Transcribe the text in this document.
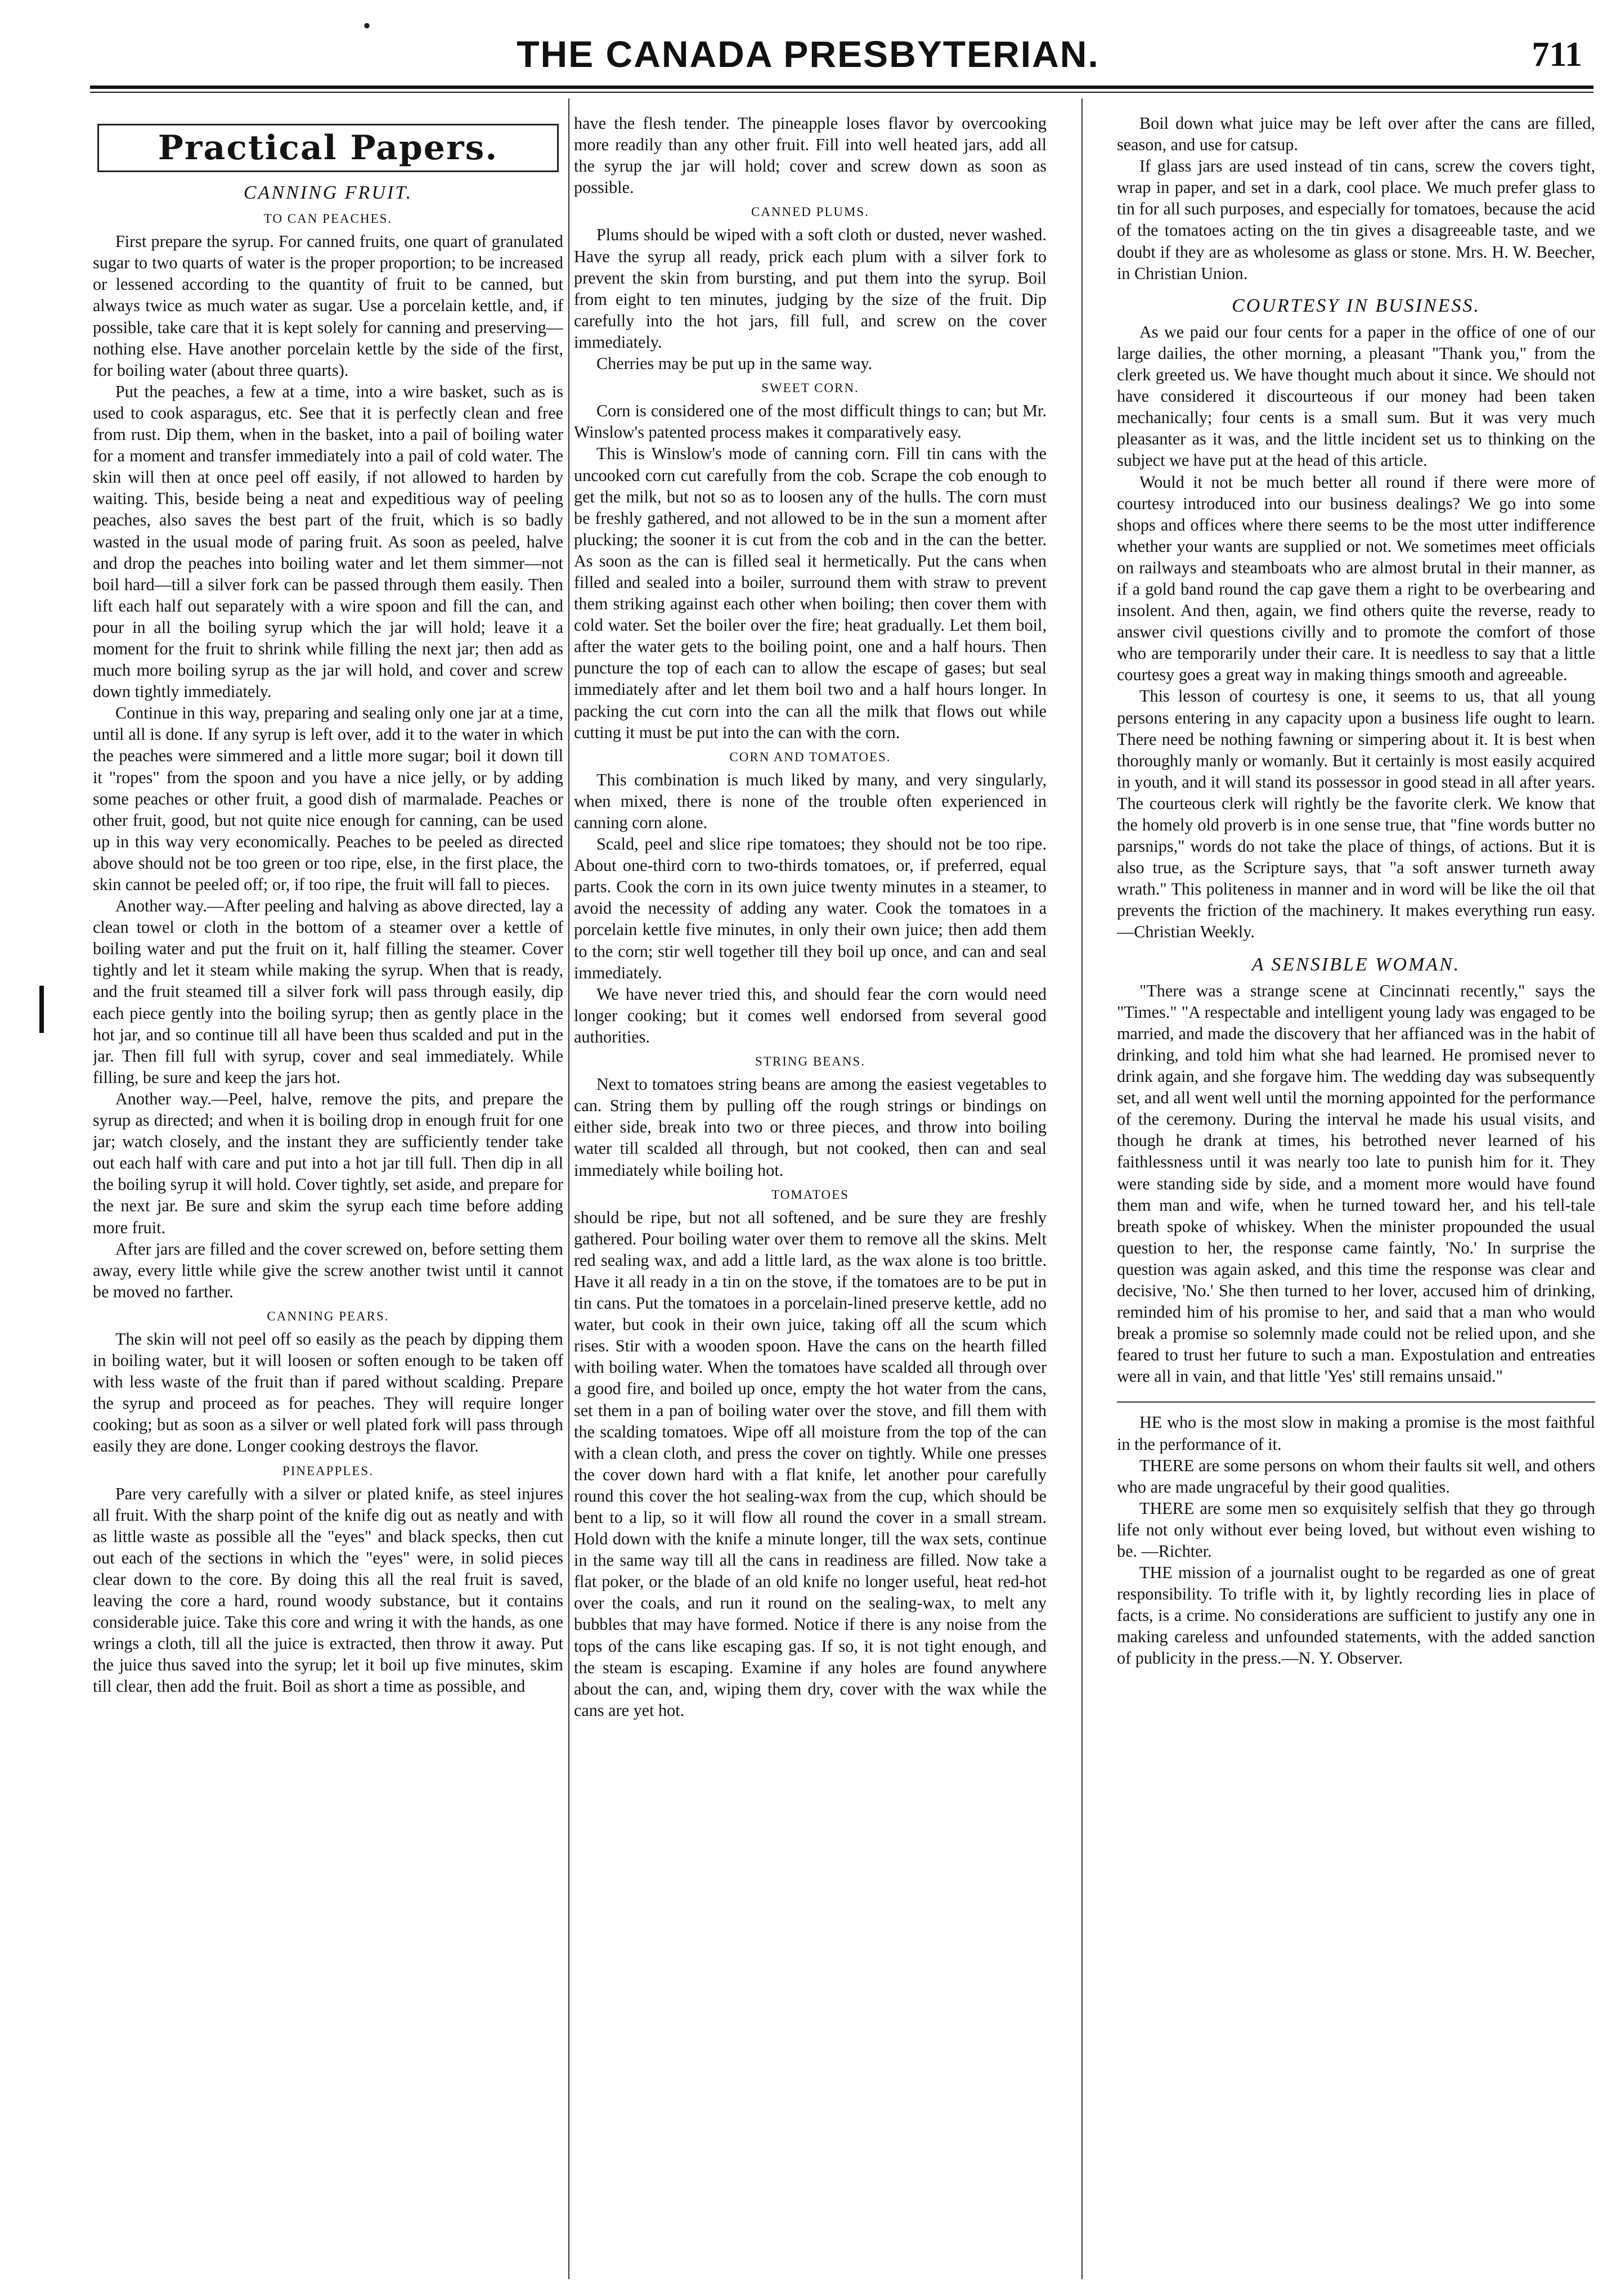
•
THE CANADA PRESBYTERIAN.	711
Practical Papers.
CANNING FRUIT.
TO CAN PEACHES.

First prepare the syrup. For canned fruits, one quart of granulated sugar to two quarts of water is the proper proportion; to be increased or lessened according to the quantity of fruit to be canned, but always twice as much water as sugar. Use a porcelain kettle, and, if possible, take care that it is kept solely for canning and preserving—nothing else. Have another porcelain kettle by the side of the first, for boiling water (about three quarts).

Put the peaches, a few at a time, into a wire basket, such as is used to cook asparagus, etc. See that it is perfectly clean and free from rust. Dip them, when in the basket, into a pail of boiling water for a moment and transfer immediately into a pail of cold water. The skin will then at once peel off easily, if not allowed to harden by waiting. This, beside being a neat and expeditious way of peeling peaches, also saves the best part of the fruit, which is so badly wasted in the usual mode of paring fruit. As soon as peeled, halve and drop the peaches into boiling water and let them simmer—not boil hard—till a silver fork can be passed through them easily. Then lift each half out separately with a wire spoon and fill the can, and pour in all the boiling syrup which the jar will hold; leave it a moment for the fruit to shrink while filling the next jar; then add as much more boiling syrup as the jar will hold, and cover and screw down tightly immediately.

Continue in this way, preparing and sealing only one jar at a time, until all is done. If any syrup is left over, add it to the water in which the peaches were simmered and a little more sugar; boil it down till it "ropes" from the spoon and you have a nice jelly, or by adding some peaches or other fruit, a good dish of marmalade. Peaches or other fruit, good, but not quite nice enough for canning, can be used up in this way very economically. Peaches to be peeled as directed above should not be too green or too ripe, else, in the first place, the skin cannot be peeled off; or, if too ripe, the fruit will fall to pieces.

Another way.—After peeling and halving as above directed, lay a clean towel or cloth in the bottom of a steamer over a kettle of boiling water and put the fruit on it, half filling the steamer. Cover tightly and let it steam while making the syrup. When that is ready, and the fruit steamed till a silver fork will pass through easily, dip each piece gently into the boiling syrup; then as gently place in the hot jar, and so continue till all have been thus scalded and put in the jar. Then fill full with syrup, cover and seal immediately. While filling, be sure and keep the jars hot.

Another way.—Peel, halve, remove the pits, and prepare the syrup as directed; and when it is boiling drop in enough fruit for one jar; watch closely, and the instant they are sufficiently tender take out each half with care and put into a hot jar till full. Then dip in all the boiling syrup it will hold. Cover tightly, set aside, and prepare for the next jar. Be sure and skim the syrup each time before adding more fruit.

After jars are filled and the cover screwed on, before setting them away, every little while give the screw another twist until it cannot be moved no farther.

CANNING PEARS.

The skin will not peel off so easily as the peach by dipping them in boiling water, but it will loosen or soften enough to be taken off with less waste of the fruit than if pared without scalding. Prepare the syrup and proceed as for peaches. They will require longer cooking; but as soon as a silver or well plated fork will pass through easily they are done. Longer cooking destroys the flavor.

PINEAPPLES.

Pare very carefully with a silver or plated knife, as steel injures all fruit. With the sharp point of the knife dig out as neatly and with as little waste as possible all the "eyes" and black specks, then cut out each of the sections in which the "eyes" were, in solid pieces clear down to the core. By doing this all the real fruit is saved, leaving the core a hard, round woody substance, but it contains considerable juice. Take this core and wring it with the hands, as one wrings a cloth, till all the juice is extracted, then throw it away. Put the juice thus saved into the syrup; let it boil up five minutes, skim till clear, then add the fruit. Boil as short a time as possible, and

have the flesh tender. The pineapple loses flavor by overcooking more readily than any other fruit. Fill into well heated jars, add all the syrup the jar will hold; cover and screw down as soon as possible.

CANNED PLUMS.

Plums should be wiped with a soft cloth or dusted, never washed. Have the syrup all ready, prick each plum with a silver fork to prevent the skin from bursting, and put them into the syrup. Boil from eight to ten minutes, judging by the size of the fruit. Dip carefully into the hot jars, fill full, and screw on the cover immediately.

Cherries may be put up in the same way.

SWEET CORN.

Corn is considered one of the most difficult things to can; but Mr. Winslow's patented process makes it comparatively easy.

This is Winslow's mode of canning corn. Fill tin cans with the uncooked corn cut carefully from the cob. Scrape the cob enough to get the milk, but not so as to loosen any of the hulls. The corn must be freshly gathered, and not allowed to be in the sun a moment after plucking; the sooner it is cut from the cob and in the can the better. As soon as the can is filled seal it hermetically. Put the cans when filled and sealed into a boiler, surround them with straw to prevent them striking against each other when boiling; then cover them with cold water. Set the boiler over the fire; heat gradually. Let them boil, after the water gets to the boiling point, one and a half hours. Then puncture the top of each can to allow the escape of gases; but seal immediately after and let them boil two and a half hours longer. In packing the cut corn into the can all the milk that flows out while cutting it must be put into the can with the corn.

CORN AND TOMATOES.

This combination is much liked by many, and very singularly, when mixed, there is none of the trouble often experienced in canning corn alone.

Scald, peel and slice ripe tomatoes; they should not be too ripe. About one-third corn to two-thirds tomatoes, or, if preferred, equal parts. Cook the corn in its own juice twenty minutes in a steamer, to avoid the necessity of adding any water. Cook the tomatoes in a porcelain kettle five minutes, in only their own juice; then add them to the corn; stir well together till they boil up once, and can and seal immediately.

We have never tried this, and should fear the corn would need longer cooking; but it comes well endorsed from several good authorities.

STRING BEANS.

Next to tomatoes string beans are among the easiest vegetables to can. String them by pulling off the rough strings or bindings on either side, break into two or three pieces, and throw into boiling water till scalded all through, but not cooked, then can and seal immediately while boiling hot.

TOMATOES

should be ripe, but not all softened, and be sure they are freshly gathered. Pour boiling water over them to remove all the skins. Melt red sealing wax, and add a little lard, as the wax alone is too brittle. Have it all ready in a tin on the stove, if the tomatoes are to be put in tin cans. Put the tomatoes in a porcelain-lined preserve kettle, add no water, but cook in their own juice, taking off all the scum which rises. Stir with a wooden spoon. Have the cans on the hearth filled with boiling water. When the tomatoes have scalded all through over a good fire, and boiled up once, empty the hot water from the cans, set them in a pan of boiling water over the stove, and fill them with the scalding tomatoes. Wipe off all moisture from the top of the can with a clean cloth, and press the cover on tightly. While one presses the cover down hard with a flat knife, let another pour carefully round this cover the hot sealing-wax from the cup, which should be bent to a lip, so it will flow all round the cover in a small stream. Hold down with the knife a minute longer, till the wax sets, continue in the same way till all the cans in readiness are filled. Now take a flat poker, or the blade of an old knife no longer useful, heat red-hot over the coals, and run it round on the sealing-wax, to melt any bubbles that may have formed. Notice if there is any noise from the tops of the cans like escaping gas. If so, it is not tight enough, and the steam is escaping. Examine if any holes are found anywhere about the can, and, wiping them dry, cover with the wax while the cans are yet hot.

Boil down what juice may be left over after the cans are filled, season, and use for catsup.

If glass jars are used instead of tin cans, screw the covers tight, wrap in paper, and set in a dark, cool place. We much prefer glass to tin for all such purposes, and especially for tomatoes, because the acid of the tomatoes acting on the tin gives a disagreeable taste, and we doubt if they are as wholesome as glass or stone. Mrs. H. W. Beecher, in Christian Union.

COURTESY IN BUSINESS.

As we paid our four cents for a paper in the office of one of our large dailies, the other morning, a pleasant "Thank you," from the clerk greeted us. We have thought much about it since. We should not have considered it discourteous if our money had been taken mechanically; four cents is a small sum. But it was very much pleasanter as it was, and the little incident set us to thinking on the subject we have put at the head of this article.

Would it not be much better all round if there were more of courtesy introduced into our business dealings? We go into some shops and offices where there seems to be the most utter indifference whether your wants are supplied or not. We sometimes meet officials on railways and steamboats who are almost brutal in their manner, as if a gold band round the cap gave them a right to be overbearing and insolent. And then, again, we find others quite the reverse, ready to answer civil questions civilly and to promote the comfort of those who are temporarily under their care. It is needless to say that a little courtesy goes a great way in making things smooth and agreeable.

This lesson of courtesy is one, it seems to us, that all young persons entering in any capacity upon a business life ought to learn. There need be nothing fawning or simpering about it. It is best when thoroughly manly or womanly. But it certainly is most easily acquired in youth, and it will stand its possessor in good stead in all after years. The courteous clerk will rightly be the favorite clerk. We know that the homely old proverb is in one sense true, that "fine words butter no parsnips," words do not take the place of things, of actions. But it is also true, as the Scripture says, that "a soft answer turneth away wrath." This politeness in manner and in word will be like the oil that prevents the friction of the machinery. It makes everything run easy. —Christian Weekly.

A SENSIBLE WOMAN.

"There was a strange scene at Cincinnati recently," says the "Times." "A respectable and intelligent young lady was engaged to be married, and made the discovery that her affianced was in the habit of drinking, and told him what she had learned. He promised never to drink again, and she forgave him. The wedding day was subsequently set, and all went well until the morning appointed for the performance of the ceremony. During the interval he made his usual visits, and though he drank at times, his betrothed never learned of his faithlessness until it was nearly too late to punish him for it. They were standing side by side, and a moment more would have found them man and wife, when he turned toward her, and his tell-tale breath spoke of whiskey. When the minister propounded the usual question to her, the response came faintly, 'No.' In surprise the question was again asked, and this time the response was clear and decisive, 'No.' She then turned to her lover, accused him of drinking, reminded him of his promise to her, and said that a man who would break a promise so solemnly made could not be relied upon, and she feared to trust her future to such a man. Expostulation and entreaties were all in vain, and that little 'Yes' still remains unsaid."

HE who is the most slow in making a promise is the most faithful in the performance of it.

THERE are some persons on whom their faults sit well, and others who are made ungraceful by their good qualities.

THERE are some men so exquisitely selfish that they go through life not only without ever being loved, but without even wishing to be. —Richter.

THE mission of a journalist ought to be regarded as one of great responsibility. To trifle with it, by lightly recording lies in place of facts, is a crime. No considerations are sufficient to justify any one in making careless and unfounded statements, with the added sanction of publicity in the press.—N. Y. Observer.
